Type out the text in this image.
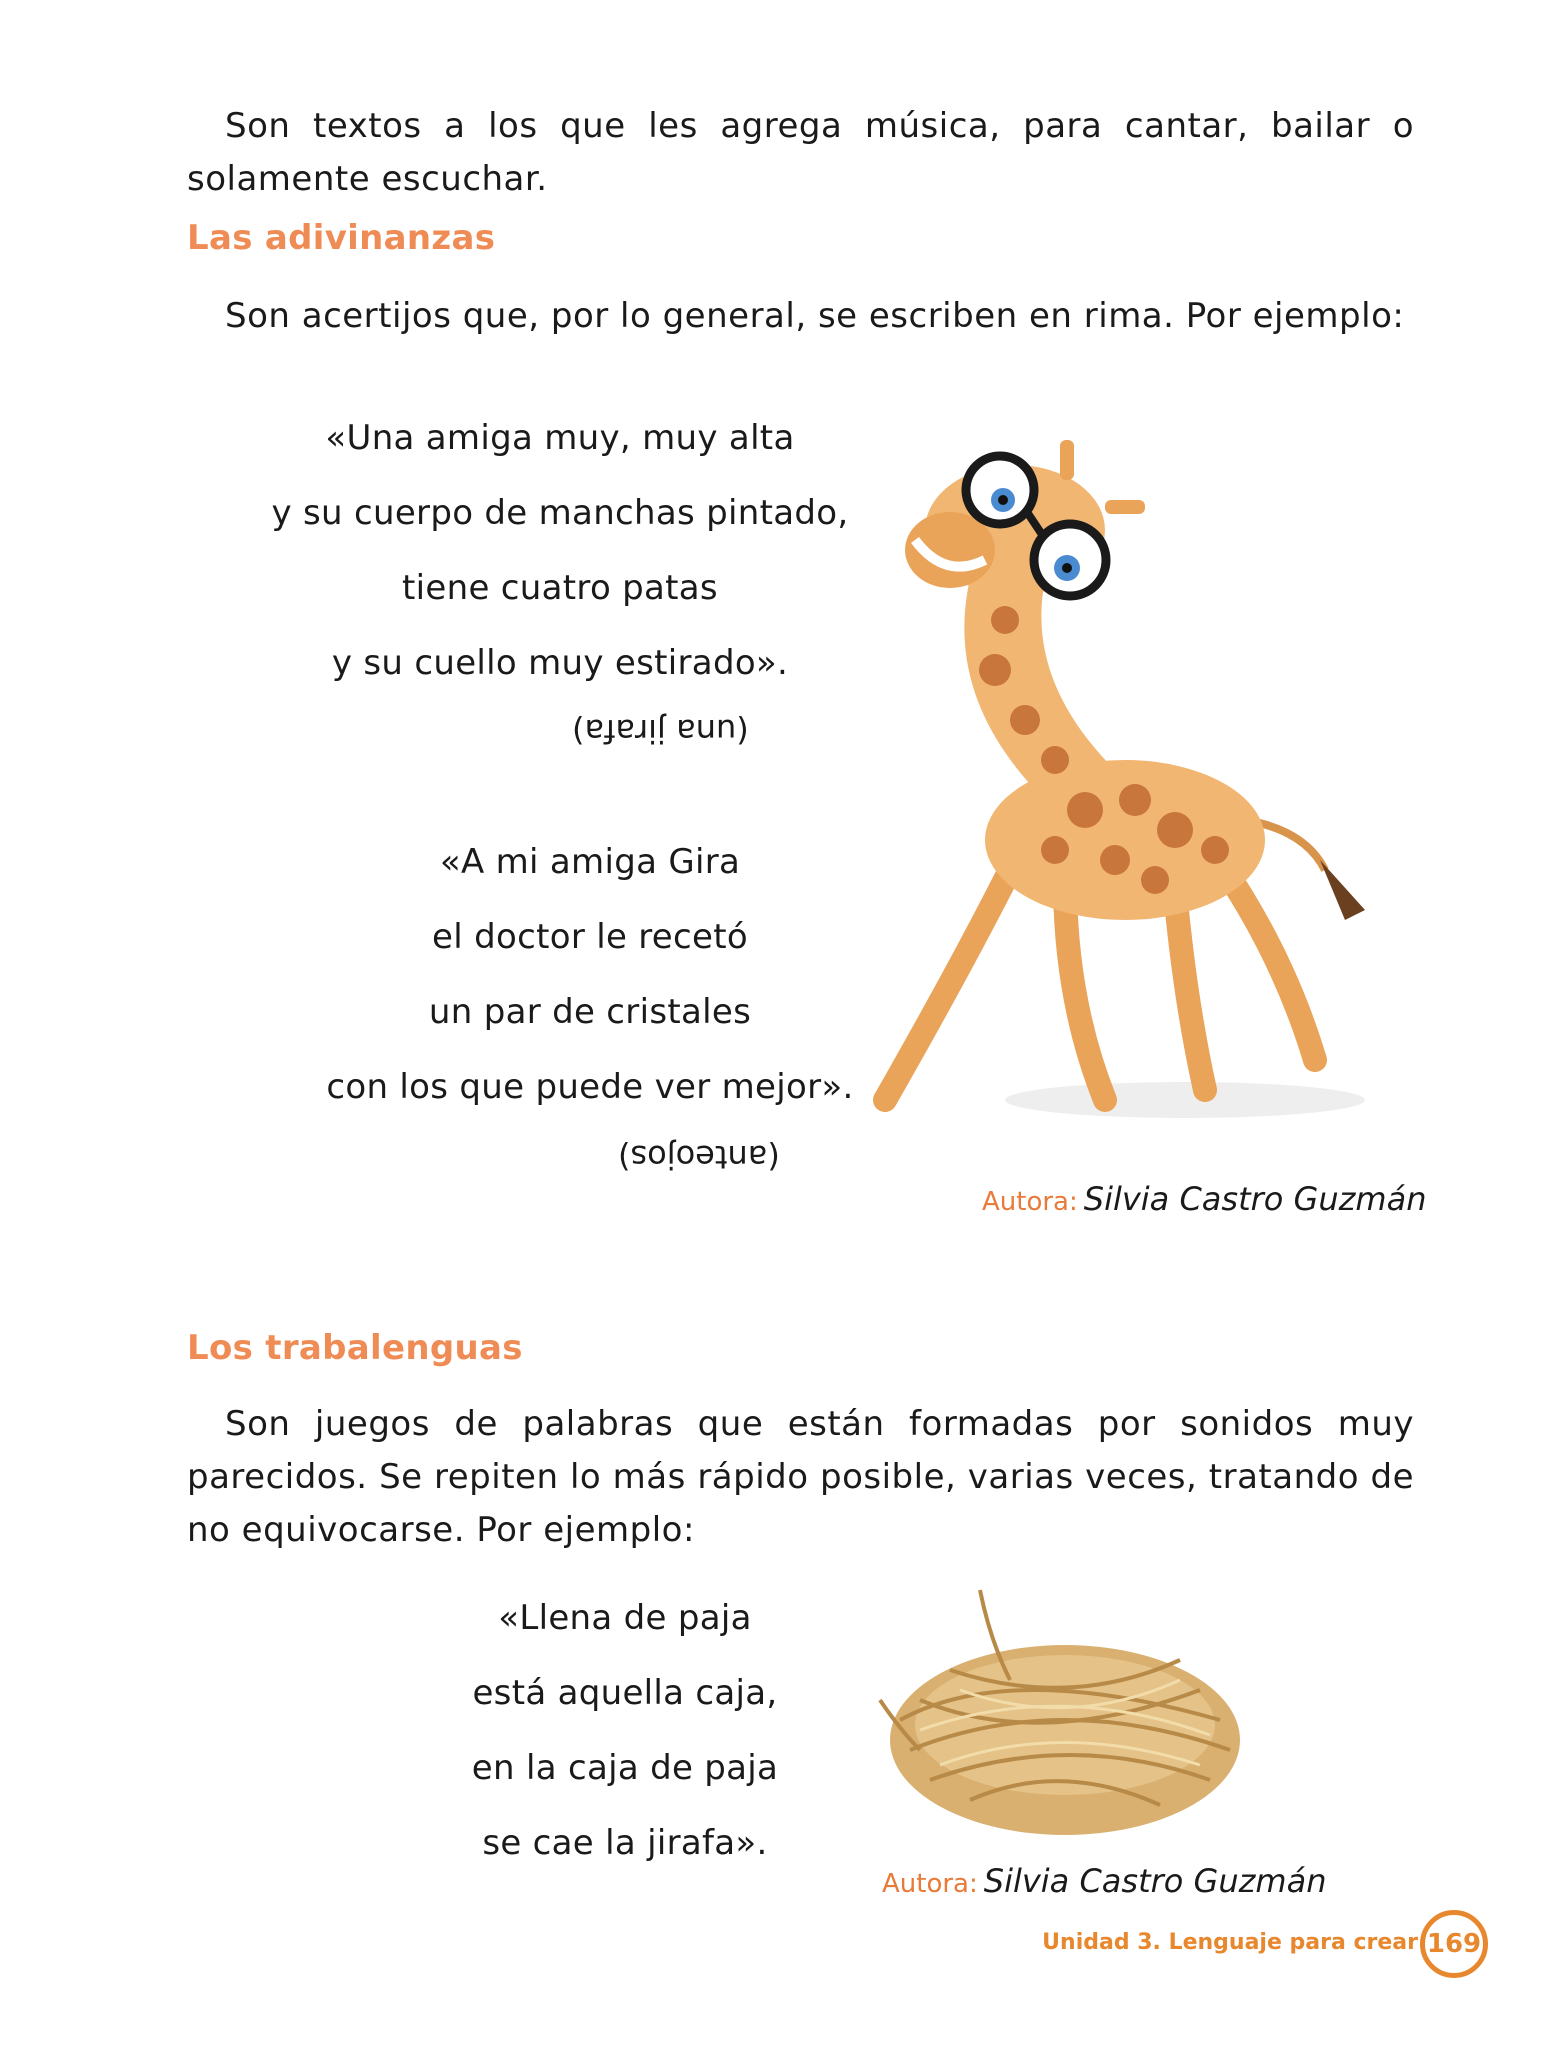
Son textos a los que les agrega música, para cantar, bailar o solamente escuchar.
Las adivinanzas
Son acertijos que, por lo general, se escriben en rima. Por ejemplo:
«Una amiga muy, muy alta
y su cuerpo de manchas pintado,
tiene cuatro patas
y su cuello muy estirado».
(una jirafa)
«A mi amiga Gira
el doctor le recetó
un par de cristales
con los que puede ver mejor».
(anteojos)
Autora: Silvia Castro Guzmán
Los trabalenguas
Son juegos de palabras que están formadas por sonidos muy parecidos. Se repiten lo más rápido posible, varias veces, tratando de no equivocarse. Por ejemplo:
«Llena de paja
está aquella caja,
en la caja de paja
se cae la jirafa».
Autora: Silvia Castro Guzmán
Unidad 3. Lenguaje para crear 169
